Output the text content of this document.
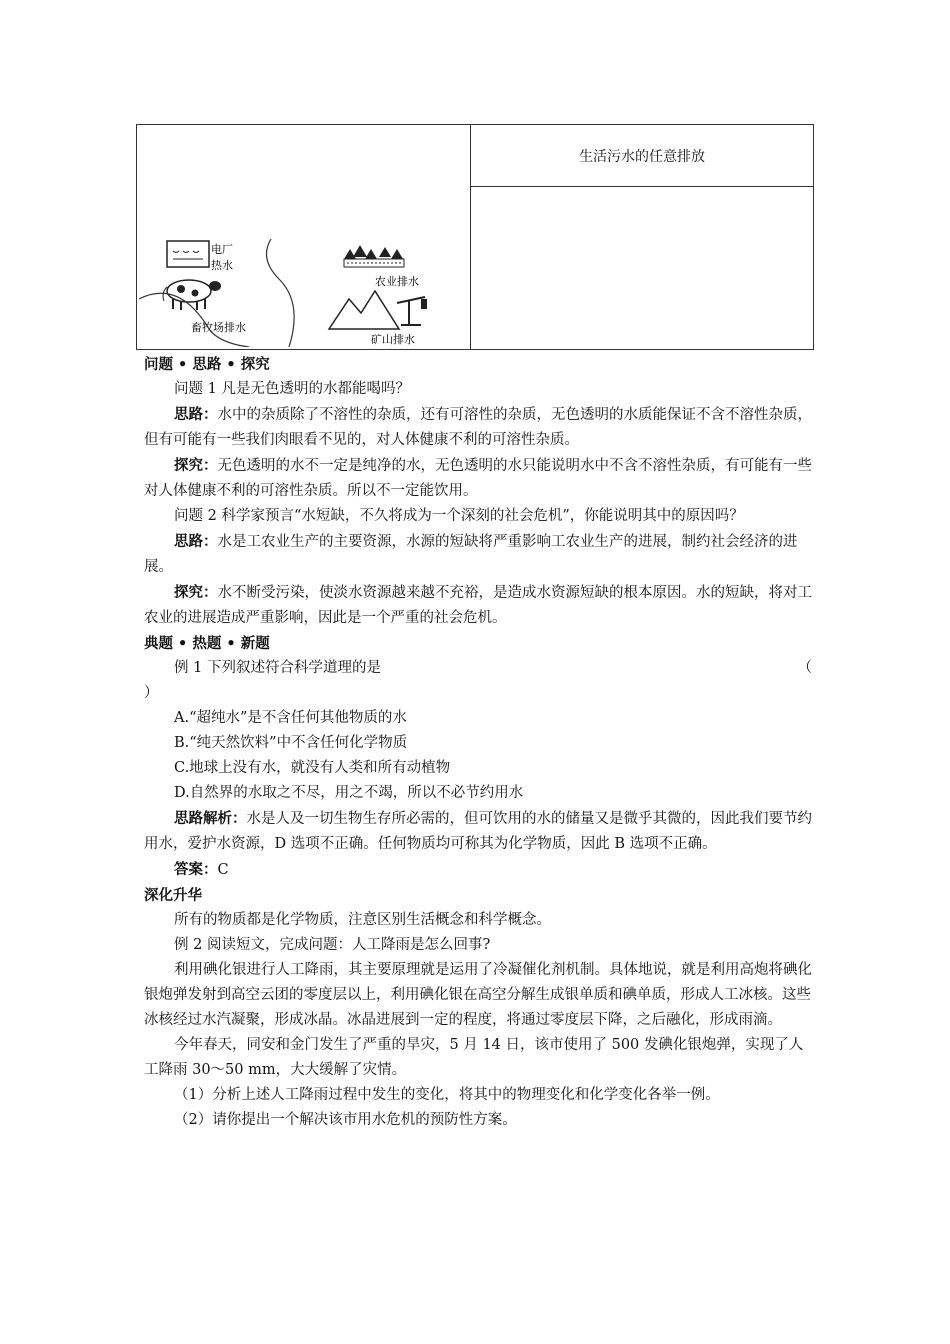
生活污水的任意排放
电厂
热水
畜牧场排水
农业排水
矿山排水

问题 • 思路 • 探究

问题 1 凡是无色透明的水都能喝吗？

思路：水中的杂质除了不溶性的杂质，还有可溶性的杂质，无色透明的水质能保证不含不溶性杂质，但有可能有一些我们肉眼看不见的，对人体健康不利的可溶性杂质。

探究：无色透明的水不一定是纯净的水，无色透明的水只能说明水中不含不溶性杂质，有可能有一些对人体健康不利的可溶性杂质。所以不一定能饮用。

问题 2 科学家预言“水短缺，不久将成为一个深刻的社会危机”，你能说明其中的原因吗？

思路：水是工农业生产的主要资源，水源的短缺将严重影响工农业生产的进展，制约社会经济的进展。

探究：水不断受污染，使淡水资源越来越不充裕，是造成水资源短缺的根本原因。水的短缺，将对工农业的进展造成严重影响，因此是一个严重的社会危机。

典题 • 热题 • 新题

例 1 下列叙述符合科学道理的是	（

）

A.“超纯水”是不含任何其他物质的水

B.“纯天然饮料”中不含任何化学物质

C.地球上没有水，就没有人类和所有动植物

D.自然界的水取之不尽，用之不竭，所以不必节约用水

思路解析：水是人及一切生物生存所必需的，但可饮用的水的储量又是微乎其微的，因此我们要节约用水，爱护水资源，D 选项不正确。任何物质均可称其为化学物质，因此 B 选项不正确。

答案：C

深化升华

所有的物质都是化学物质，注意区别生活概念和科学概念。

例 2 阅读短文，完成问题：人工降雨是怎么回事?

利用碘化银进行人工降雨，其主要原理就是运用了冷凝催化剂机制。具体地说，就是利用高炮将碘化银炮弹发射到高空云团的零度层以上，利用碘化银在高空分解生成银单质和碘单质，形成人工冰核。这些冰核经过水汽凝聚，形成冰晶。冰晶进展到一定的程度，将通过零度层下降，之后融化，形成雨滴。

今年春天，同安和金门发生了严重的旱灾，5 月 14 日，该市使用了 500 发碘化银炮弹，实现了人工降雨 30～50 mm，大大缓解了灾情。

（1）分析上述人工降雨过程中发生的变化，将其中的物理变化和化学变化各举一例。

（2）请你提出一个解决该市用水危机的预防性方案。
